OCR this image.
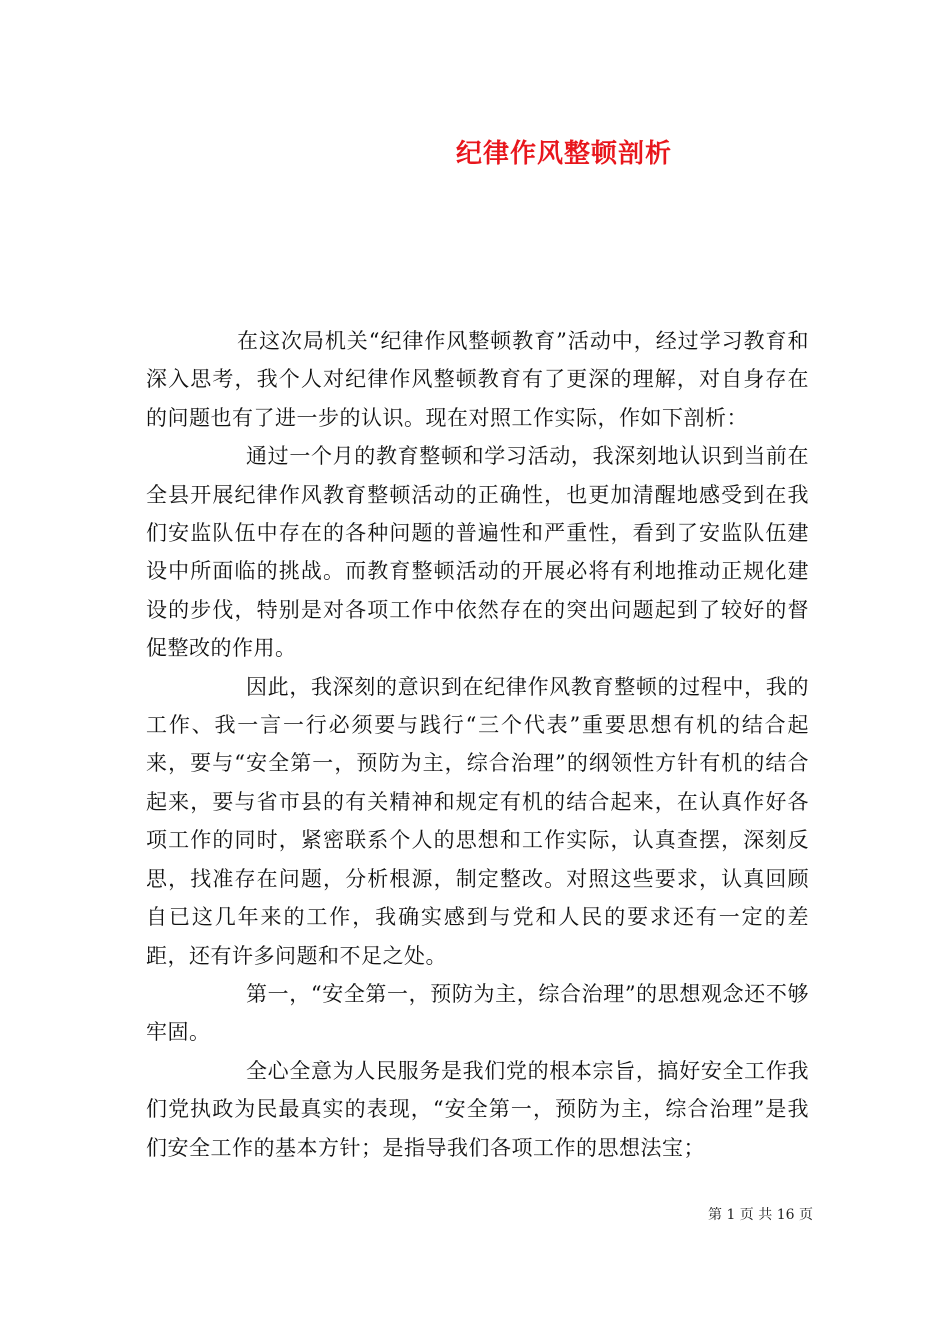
纪律作风整顿剖析

在这次局机关“纪律作风整顿教育”活动中，经过学习教育和深入思考，我个人对纪律作风整顿教育有了更深的理解，对自身存在的问题也有了进一步的认识。现在对照工作实际，作如下剖析：

通过一个月的教育整顿和学习活动，我深刻地认识到当前在全县开展纪律作风教育整顿活动的正确性，也更加清醒地感受到在我们安监队伍中存在的各种问题的普遍性和严重性，看到了安监队伍建设中所面临的挑战。而教育整顿活动的开展必将有利地推动正规化建设的步伐，特别是对各项工作中依然存在的突出问题起到了较好的督促整改的作用。

因此，我深刻的意识到在纪律作风教育整顿的过程中，我的工作、我一言一行必须要与践行“三个代表”重要思想有机的结合起来，要与“安全第一，预防为主，综合治理”的纲领性方针有机的结合起来，要与省市县的有关精神和规定有机的结合起来，在认真作好各项工作的同时，紧密联系个人的思想和工作实际，认真查摆，深刻反思，找准存在问题，分析根源，制定整改。对照这些要求，认真回顾自已这几年来的工作，我确实感到与党和人民的要求还有一定的差距，还有许多问题和不足之处。

第一，“安全第一，预防为主，综合治理”的思想观念还不够牢固。

全心全意为人民服务是我们党的根本宗旨，搞好安全工作我们党执政为民最真实的表现，“安全第一，预防为主，综合治理”是我们安全工作的基本方针；是指导我们各项工作的思想法宝；

第 1 页 共 16 页
